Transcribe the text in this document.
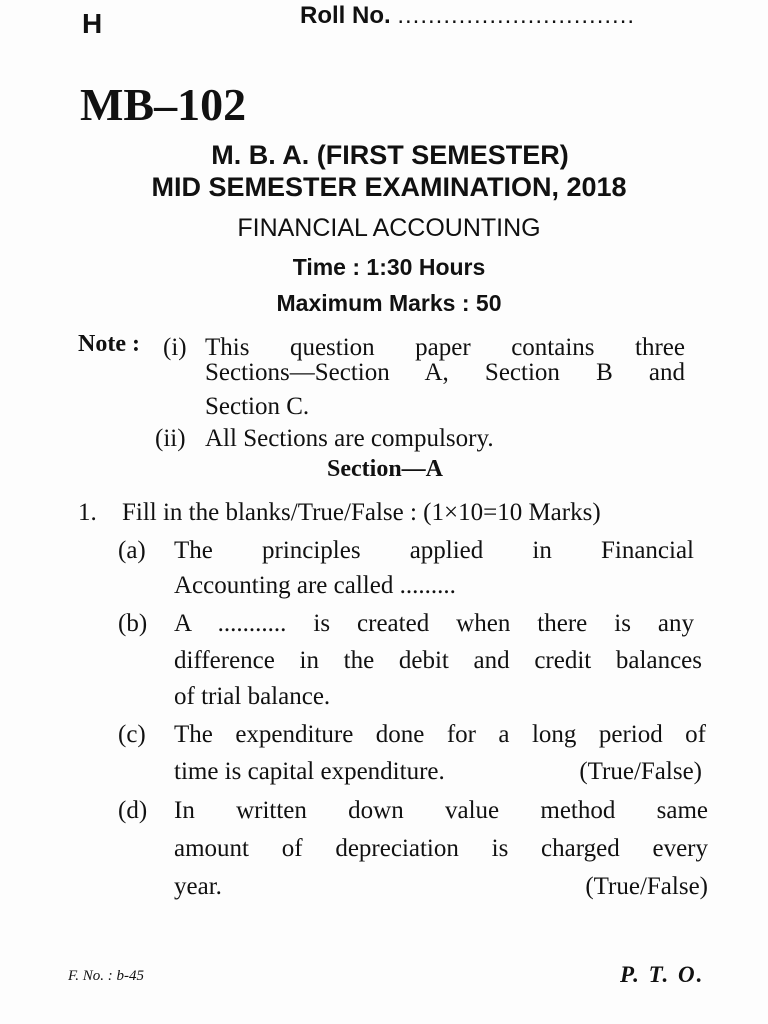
H	Roll No. ...............................
MB–102
M. B. A. (FIRST SEMESTER)
MID SEMESTER EXAMINATION, 2018
FINANCIAL ACCOUNTING
Time : 1:30 Hours
Maximum Marks : 50
Note : (i) This question paper contains three
Sections—Section A, Section B and
Section C.
(ii) All Sections are compulsory.
Section—A
1. Fill in the blanks/True/False : (1×10=10 Marks)
(a) The principles applied in Financial
Accounting are called .........
(b) A ........... is created when there is any
difference in the debit and credit balances
of trial balance.
(c) The expenditure done for a long period of
time is capital expenditure.	(True/False)
(d) In written down value method same
amount of depreciation is charged every
year.	(True/False)
F. No. : b-45	P. T. O.
